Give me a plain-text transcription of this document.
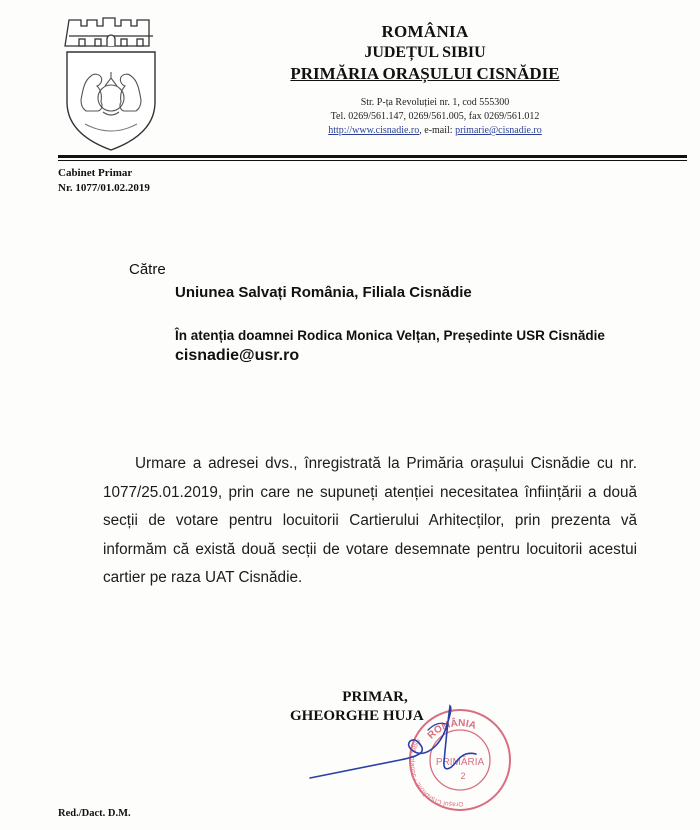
ROMÂNIA
JUDEȚUL SIBIU
PRIMĂRIA ORAȘULUI CISNĂDIE
Str. P-ța Revoluției nr. 1, cod 555300
Tel. 0269/561.147, 0269/561.005, fax 0269/561.012
http://www.cisnadie.ro, e-mail: primarie@cisnadie.ro
Cabinet Primar
Nr. 1077/01.02.2019
Către
Uniunea Salvați România, Filiala Cisnădie
În atenția doamnei Rodica Monica Velțan, Președinte USR Cisnădie
cisnadie@usr.ro
Urmare a adresei dvs., înregistrată la Primăria orașului Cisnădie cu nr. 1077/25.01.2019, prin care ne supuneți atenției necesitatea înființării a două secții de votare pentru locuitorii Cartierului Arhitecților, prin prezenta vă informăm că există două secții de votare desemnate pentru locuitorii acestui cartier pe raza UAT Cisnădie.
ROMÂNIA
Orașul CISNĂDIE - Județul Sibiu
PRIMĂRIA
2
PRIMAR,
GHEORGHE HUJA
Red./Dact. D.M.
